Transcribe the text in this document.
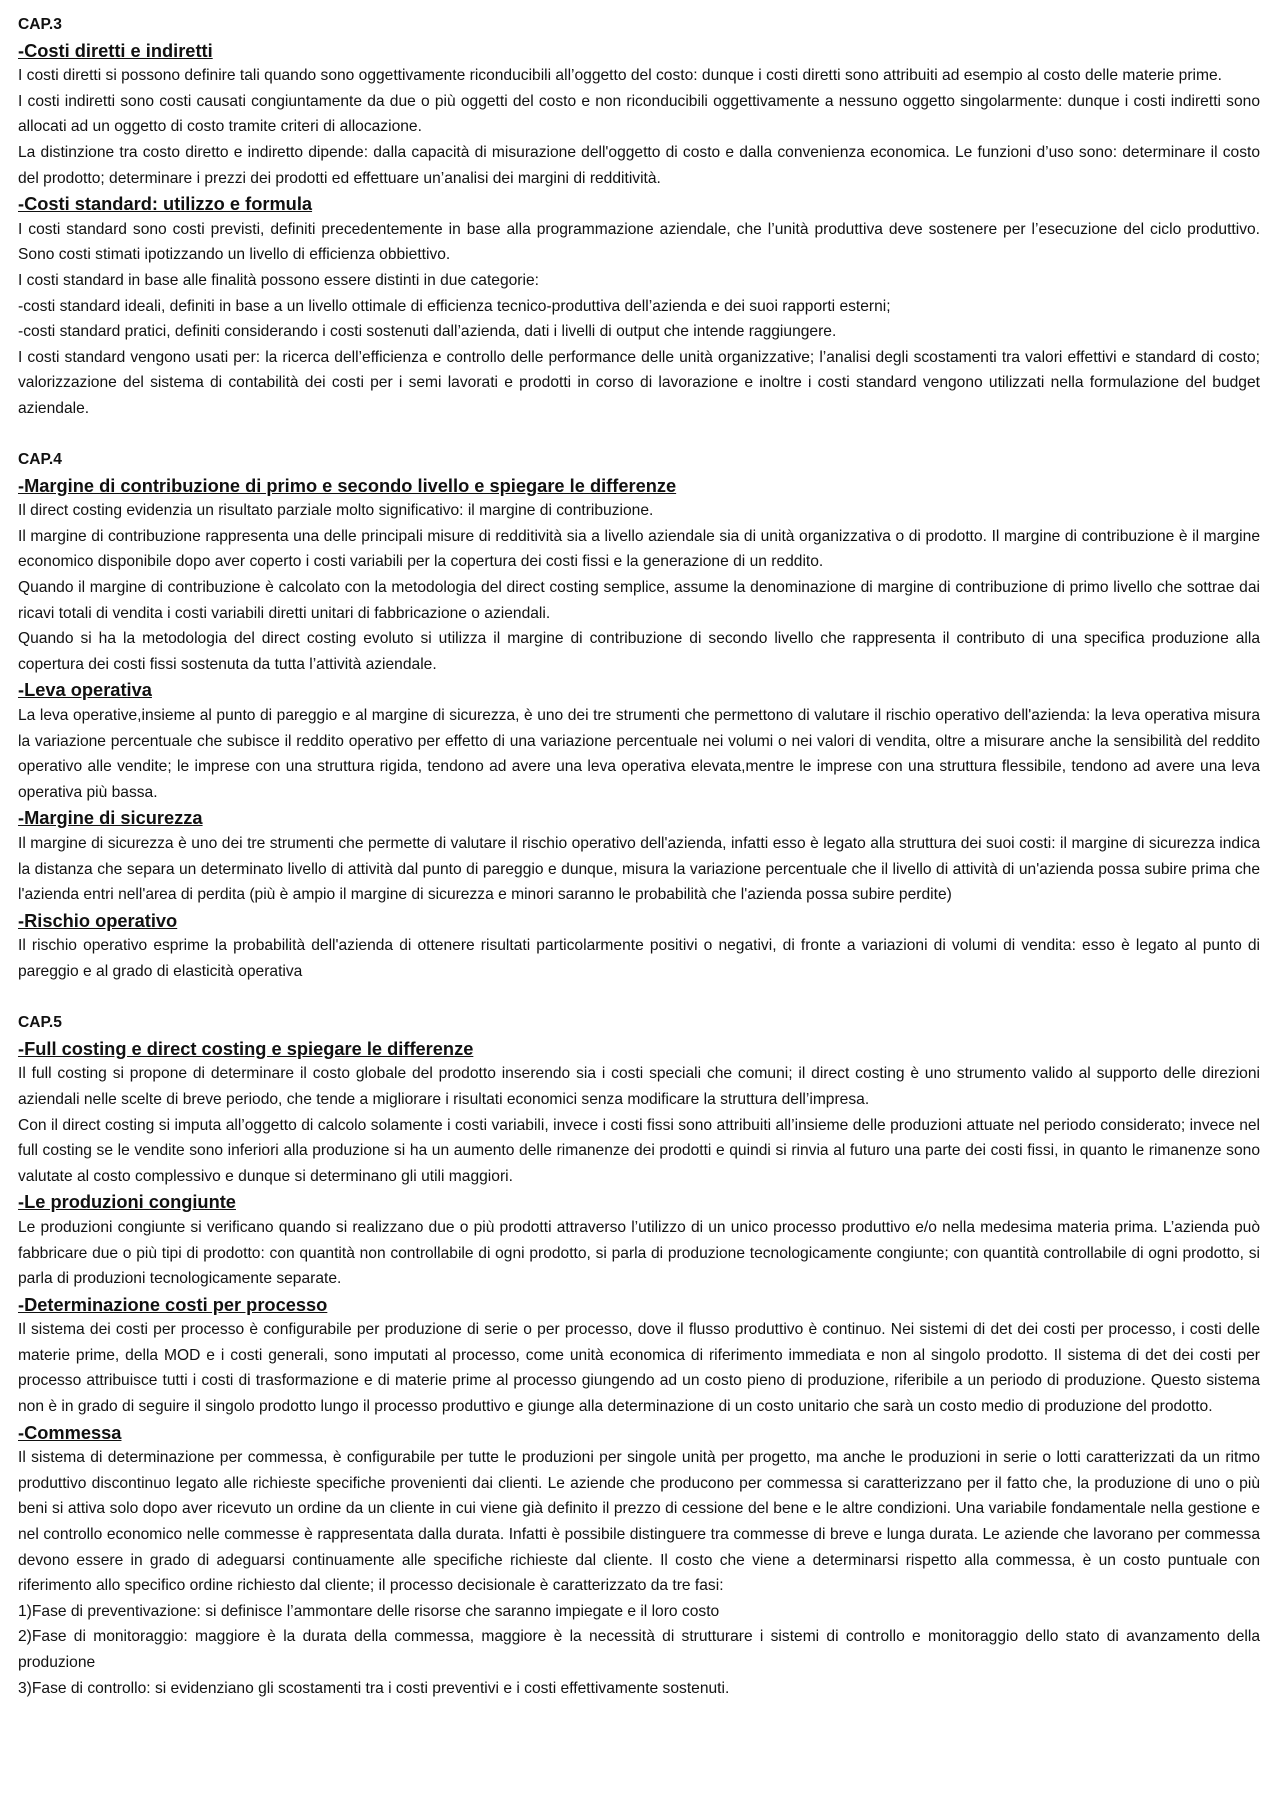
CAP.3
-Costi diretti e indiretti

I costi diretti si possono definire tali quando sono oggettivamente riconducibili all’oggetto del costo: dunque i costi diretti sono attribuiti ad esempio al costo delle materie prime.

I costi indiretti sono costi causati congiuntamente da due o più oggetti del costo e non riconducibili oggettivamente a nessuno oggetto singolarmente: dunque i costi indiretti sono allocati ad un oggetto di costo tramite criteri di allocazione.

La distinzione tra costo diretto e indiretto dipende: dalla capacità di misurazione dell'oggetto di costo e dalla convenienza economica. Le funzioni d’uso sono: determinare il costo del prodotto; determinare i prezzi dei prodotti ed effettuare un’analisi dei margini di redditività.

-Costi standard: utilizzo e formula

I costi standard sono costi previsti, definiti precedentemente in base alla programmazione aziendale, che l’unità produttiva deve sostenere per l’esecuzione del ciclo produttivo. Sono costi stimati ipotizzando un livello di efficienza obbiettivo.

I costi standard in base alle finalità possono essere distinti in due categorie:

-costi standard ideali, definiti in base a un livello ottimale di efficienza tecnico-produttiva dell’azienda e dei suoi rapporti esterni;

-costi standard pratici, definiti considerando i costi sostenuti dall’azienda, dati i livelli di output che intende raggiungere.

I costi standard vengono usati per: la ricerca dell’efficienza e controllo delle performance delle unità organizzative; l’analisi degli scostamenti tra valori effettivi e standard di costo; valorizzazione del sistema di contabilità dei costi per i semi lavorati e prodotti in corso di lavorazione e inoltre i costi standard vengono utilizzati nella formulazione del budget aziendale.

CAP.4
-Margine di contribuzione di primo e secondo livello e spiegare le differenze

Il direct costing evidenzia un risultato parziale molto significativo: il margine di contribuzione.

Il margine di contribuzione rappresenta una delle principali misure di redditività sia a livello aziendale sia di unità organizzativa o di prodotto. Il margine di contribuzione è il margine economico disponibile dopo aver coperto i costi variabili per la copertura dei costi fissi e la generazione di un reddito.

Quando il margine di contribuzione è calcolato con la metodologia del direct costing semplice, assume la denominazione di margine di contribuzione di primo livello che sottrae dai ricavi totali di vendita i costi variabili diretti unitari di fabbricazione o aziendali.

Quando si ha la metodologia del direct costing evoluto si utilizza il margine di contribuzione di secondo livello che rappresenta il contributo di una specifica produzione alla copertura dei costi fissi sostenuta da tutta l’attività aziendale.

-Leva operativa

La leva operative,insieme al punto di pareggio e al margine di sicurezza, è uno dei tre strumenti che permettono di valutare il rischio operativo dell'azienda: la leva operativa misura la variazione percentuale che subisce il reddito operativo per effetto di una variazione percentuale nei volumi o nei valori di vendita, oltre a misurare anche la sensibilità del reddito operativo alle vendite; le imprese con una struttura rigida, tendono ad avere una leva operativa elevata,mentre le imprese con una struttura flessibile, tendono ad avere una leva operativa più bassa.

-Margine di sicurezza

Il margine di sicurezza è uno dei tre strumenti che permette di valutare il rischio operativo dell'azienda, infatti esso è legato alla struttura dei suoi costi: il margine di sicurezza indica la distanza che separa un determinato livello di attività dal punto di pareggio e dunque, misura la variazione percentuale che il livello di attività di un'azienda possa subire prima che l'azienda entri nell'area di perdita (più è ampio il margine di sicurezza e minori saranno le probabilità che l'azienda possa subire perdite)

-Rischio operativo

Il rischio operativo esprime la probabilità dell'azienda di ottenere risultati particolarmente positivi o negativi, di fronte a variazioni di volumi di vendita: esso è legato al punto di pareggio e al grado di elasticità operativa

CAP.5
-Full costing e direct costing e spiegare le differenze

Il full costing si propone di determinare il costo globale del prodotto inserendo sia i costi speciali che comuni; il direct costing è uno strumento valido al supporto delle direzioni aziendali nelle scelte di breve periodo, che tende a migliorare i risultati economici senza modificare la struttura dell’impresa.

Con il direct costing si imputa all’oggetto di calcolo solamente i costi variabili, invece i costi fissi sono attribuiti all’insieme delle produzioni attuate nel periodo considerato; invece nel full costing se le vendite sono inferiori alla produzione si ha un aumento delle rimanenze dei prodotti e quindi si rinvia al futuro una parte dei costi fissi, in quanto le rimanenze sono valutate al costo complessivo e dunque si determinano gli utili maggiori.

-Le produzioni congiunte

Le produzioni congiunte si verificano quando si realizzano due o più prodotti attraverso l’utilizzo di un unico processo produttivo e/o nella medesima materia prima. L’azienda può fabbricare due o più tipi di prodotto: con quantità non controllabile di ogni prodotto, si parla di produzione tecnologicamente congiunte; con quantità controllabile di ogni prodotto, si parla di produzioni tecnologicamente separate.

-Determinazione costi per processo

Il sistema dei costi per processo è configurabile per produzione di serie o per processo, dove il flusso produttivo è continuo. Nei sistemi di det dei costi per processo, i costi delle materie prime, della MOD e i costi generali, sono imputati al processo, come unità economica di riferimento immediata e non al singolo prodotto. Il sistema di det dei costi per processo attribuisce tutti i costi di trasformazione e di materie prime al processo giungendo ad un costo pieno di produzione, riferibile a un periodo di produzione. Questo sistema non è in grado di seguire il singolo prodotto lungo il processo produttivo e giunge alla determinazione di un costo unitario che sarà un costo medio di produzione del prodotto.

-Commessa

Il sistema di determinazione per commessa, è configurabile per tutte le produzioni per singole unità per progetto, ma anche le produzioni in serie o lotti caratterizzati da un ritmo produttivo discontinuo legato alle richieste specifiche provenienti dai clienti. Le aziende che producono per commessa si caratterizzano per il fatto che, la produzione di uno o più beni si attiva solo dopo aver ricevuto un ordine da un cliente in cui viene già definito il prezzo di cessione del bene e le altre condizioni. Una variabile fondamentale nella gestione e nel controllo economico nelle commesse è rappresentata dalla durata. Infatti è possibile distinguere tra commesse di breve e lunga durata. Le aziende che lavorano per commessa devono essere in grado di adeguarsi continuamente alle specifiche richieste dal cliente. Il costo che viene a determinarsi rispetto alla commessa, è un costo puntuale con riferimento allo specifico ordine richiesto dal cliente; il processo decisionale è caratterizzato da tre fasi:

1)Fase di preventivazione: si definisce l’ammontare delle risorse che saranno impiegate e il loro costo

2)Fase di monitoraggio: maggiore è la durata della commessa, maggiore è la necessità di strutturare i sistemi di controllo e monitoraggio dello stato di avanzamento della produzione

3)Fase di controllo: si evidenziano gli scostamenti tra i costi preventivi e i costi effettivamente sostenuti.
